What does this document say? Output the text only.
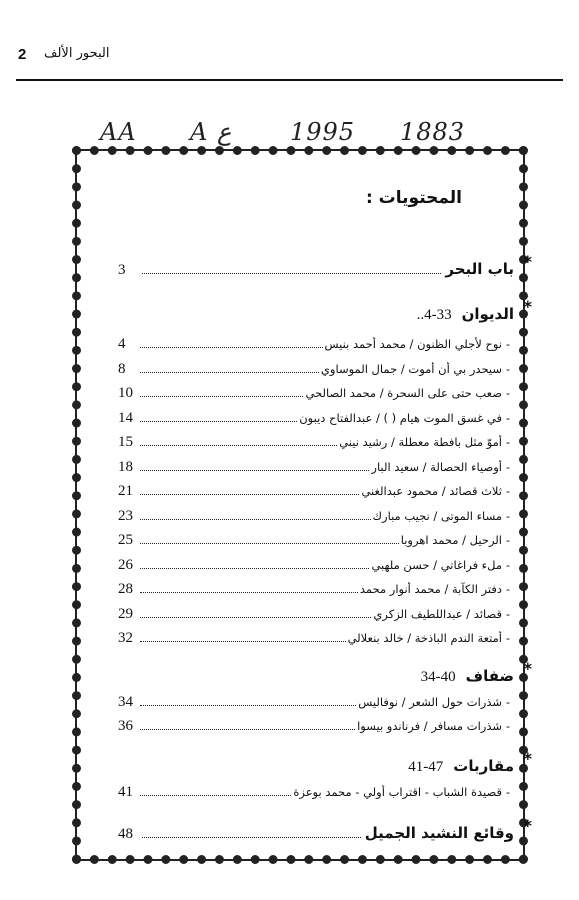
2 البحور الألف
AA A ع 1995 1883
المحتويات :
*
باب البحر
3
*
الديوان
4-33..
-
نوح لأجلي الظنون / محمد أحمد بنيس
4
-
سيحدر بي أن أموت / جمال الموساوي
8
-
صعب حتى على السحرة / محمد الصالحي
10
-
في غسق الموت هيام ( ) / عبدالفتاح ديبون
14
-
أموّ مثل بافطة معطلة / رشيد نيني
15
-
أوصياء الحصالة / سعيد البار
18
-
ثلاث قصائد / محمود عبدالغني
21
-
مساء الموتى / نجيب مبارك
23
-
الرحيل / محمد اهروبا
25
-
ملء فراغاتي / حسن ملهبي
26
-
دفتر الكآبة / محمد أنوار محمد
28
-
قصائد / عبداللطيف الزكري
29
-
أمتعة الندم الباذخة / خالد بنعلالي
32
*
ضفاف
34-40
-
شذرات حول الشعر / نوفاليس
34
-
شذرات مسافر / فرناندو بيسوا
36
*
مقاربات
41-47
-
قصيدة الشباب - اقتراب أولي - محمد بوعزة
41
*
وقائع النشيد الجميل
48
